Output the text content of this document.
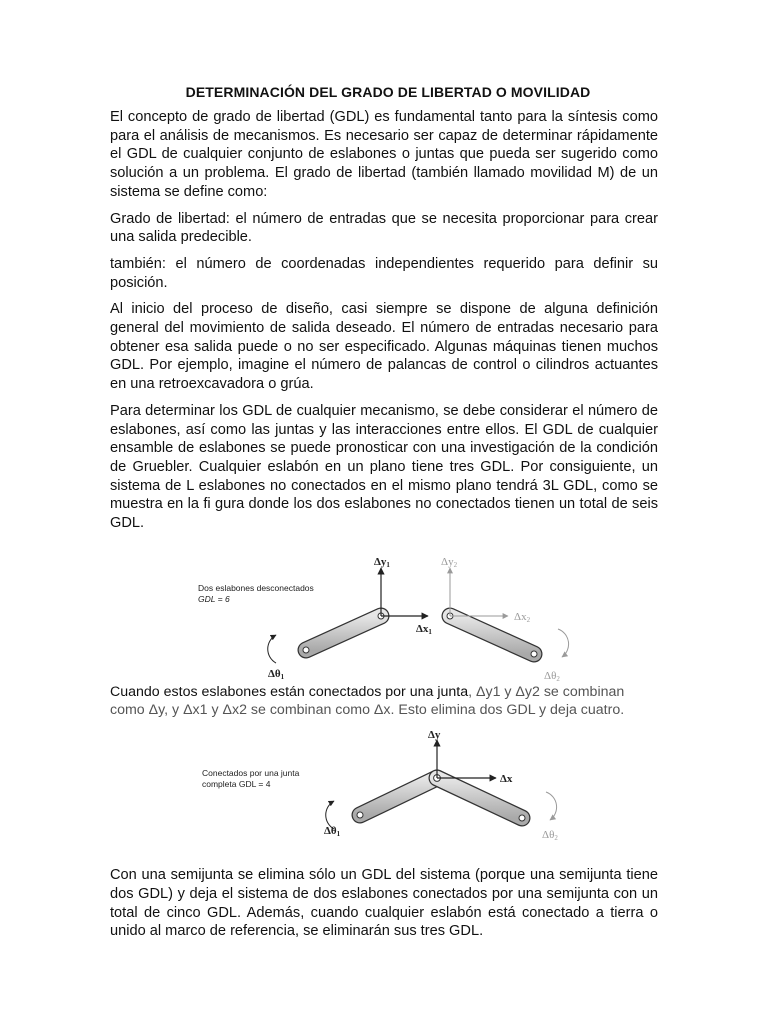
DETERMINACIÓN DEL GRADO DE LIBERTAD O MOVILIDAD

El concepto de grado de libertad (GDL) es fundamental tanto para la síntesis como para el análisis de mecanismos. Es necesario ser capaz de determinar rápidamente el GDL de cualquier conjunto de eslabones o juntas que pueda ser sugerido como solución a un problema. El grado de libertad (también llamado movilidad M) de un sistema se define como:

Grado de libertad: el número de entradas que se necesita proporcionar para crear una salida predecible.

también: el número de coordenadas independientes requerido para definir su posición.

Al inicio del proceso de diseño, casi siempre se dispone de alguna definición general del movimiento de salida deseado. El número de entradas necesario para obtener esa salida puede o no ser especificado. Algunas máquinas tienen muchos GDL. Por ejemplo, imagine el número de palancas de control o cilindros actuantes en una retroexcavadora o grúa.

Para determinar los GDL de cualquier mecanismo, se debe considerar el número de eslabones, así como las juntas y las interacciones entre ellos. El GDL de cualquier ensamble de eslabones se puede pronosticar con una investigación de la condición de Gruebler. Cualquier eslabón en un plano tiene tres GDL. Por consiguiente, un sistema de L eslabones no conectados en el mismo plano tendrá 3L GDL, como se muestra en la fi gura donde los dos eslabones no conectados tienen un total de seis GDL.

Dos eslabones desconectados
GDL = 6
Δy1
Δx1
Δθ1
Δy2
Δx2
Δθ2

Cuando estos eslabones están conectados por una junta, Δy1 y Δy2 se combinan como Δy, y Δx1 y Δx2 se combinan como Δx. Esto elimina dos GDL y deja cuatro.

Conectados por una junta
completa GDL = 4
Δy
Δx
Δθ1	Δθ2

Con una semijunta se elimina sólo un GDL del sistema (porque una semijunta tiene dos GDL) y deja el sistema de dos eslabones conectados por una semijunta con un total de cinco GDL. Además, cuando cualquier eslabón está conectado a tierra o unido al marco de referencia, se eliminarán sus tres GDL.
